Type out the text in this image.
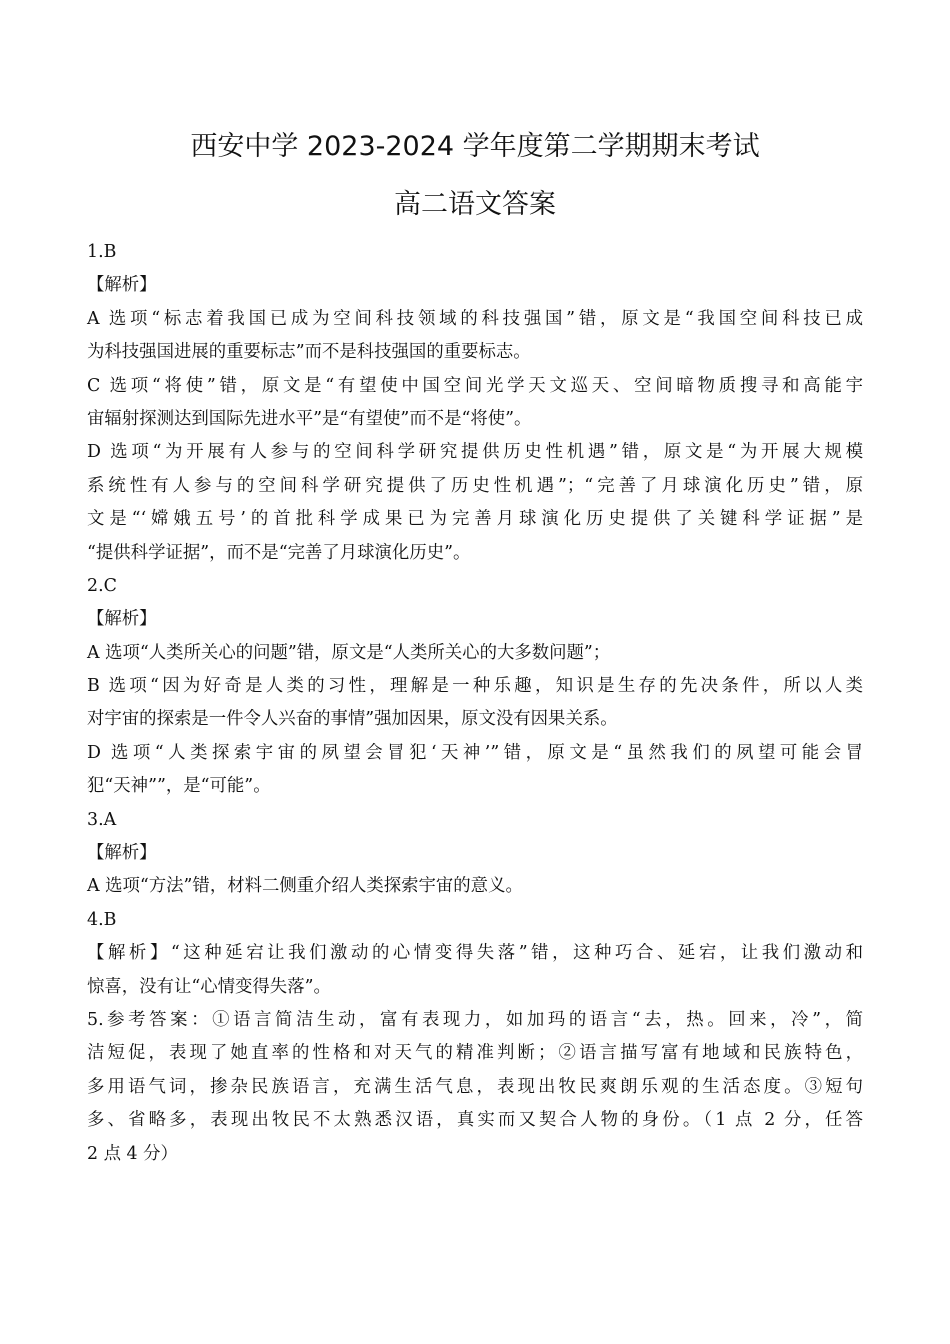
西安中学 2023-2024 学年度第二学期期末考试
高二语文答案
1.B
【解析】
A 选项“标志着我国已成为空间科技领域的科技强国”错，原文是“我国空间科技已成
为科技强国进展的重要标志”而不是科技强国的重要标志。
C 选项“将使”错，原文是“有望使中国空间光学天文巡天、空间暗物质搜寻和高能宇
宙辐射探测达到国际先进水平”是“有望使”而不是“将使”。
D 选项“为开展有人参与的空间科学研究提供历史性机遇”错，原文是“为开展大规模
系统性有人参与的空间科学研究提供了历史性机遇”；“完善了月球演化历史”错，原
文是“‘嫦娥五号’的首批科学成果已为完善月球演化历史提供了关键科学证据”是
“提供科学证据”，而不是“完善了月球演化历史”。
2.C
【解析】
A 选项“人类所关心的问题”错，原文是“人类所关心的大多数问题”；
B 选项“因为好奇是人类的习性，理解是一种乐趣，知识是生存的先决条件，所以人类
对宇宙的探索是一件令人兴奋的事情”强加因果，原文没有因果关系。
D 选项“人类探索宇宙的夙望会冒犯‘天神’”错，原文是“虽然我们的夙望可能会冒
犯“天神””，是“可能”。
3.A
【解析】
A 选项“方法”错，材料二侧重介绍人类探索宇宙的意义。
4.B
【解析】“这种延宕让我们激动的心情变得失落”错，这种巧合、延宕，让我们激动和
惊喜，没有让“心情变得失落”。
5.参考答案：①语言简洁生动，富有表现力，如加玛的语言“去，热。回来，冷”，简
洁短促，表现了她直率的性格和对天气的精准判断；②语言描写富有地域和民族特色，
多用语气词，掺杂民族语言，充满生活气息，表现出牧民爽朗乐观的生活态度。③短句
多、省略多，表现出牧民不太熟悉汉语，真实而又契合人物的身份。（1 点 2 分，任答
2 点 4 分）
